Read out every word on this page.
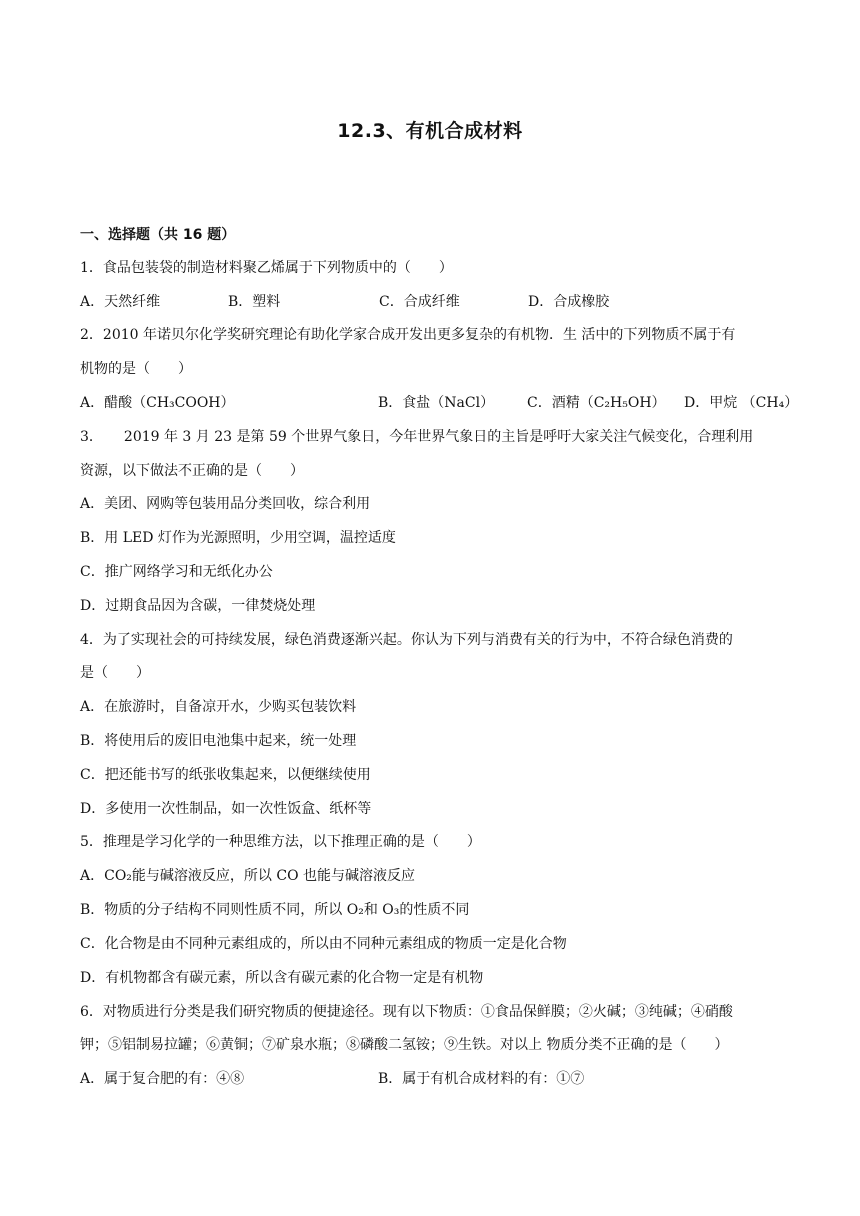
12.3、有机合成材料
一、选择题（共 16 题）
1．食品包装袋的制造材料聚乙烯属于下列物质中的（　　）
A．天然纤维	B．塑料	C．合成纤维	D．合成橡胶
2．2010 年诺贝尔化学奖研究理论有助化学家合成开发出更多复杂的有机物．生 活中的下列物质不属于有
机物的是（　　）
A．醋酸（CH₃COOH）	B．食盐（NaCl） C．酒精（C₂H₅OH） D．甲烷 （CH₄）
3．　　2019 年 3 月 23 是第 59 个世界气象日，今年世界气象日的主旨是呼吁大家关注气候变化，合理利用
资源，以下做法不正确的是（　　）
A．美团、网购等包装用品分类回收，综合利用
B．用 LED 灯作为光源照明，少用空调，温控适度
C．推广网络学习和无纸化办公
D．过期食品因为含碳，一律焚烧处理
4．为了实现社会的可持续发展，绿色消费逐渐兴起。你认为下列与消费有关的行为中，不符合绿色消费的
是（　　）
A．在旅游时，自备凉开水，少购买包装饮料
B．将使用后的废旧电池集中起来，统一处理
C．把还能书写的纸张收集起来，以便继续使用
D．多使用一次性制品，如一次性饭盒、纸杯等
5．推理是学习化学的一种思维方法，以下推理正确的是（　　）
A．CO₂能与碱溶液反应，所以 CO 也能与碱溶液反应
B．物质的分子结构不同则性质不同，所以 O₂和 O₃的性质不同
C．化合物是由不同种元素组成的，所以由不同种元素组成的物质一定是化合物
D．有机物都含有碳元素，所以含有碳元素的化合物一定是有机物
6．对物质进行分类是我们研究物质的便捷途径。现有以下物质：①食品保鲜膜；②火碱；③纯碱；④硝酸
钾；⑤铝制易拉罐；⑥黄铜；⑦矿泉水瓶；⑧磷酸二氢铵；⑨生铁。对以上 物质分类不正确的是（　　）
A．属于复合肥的有：④⑧	B．属于有机合成材料的有：①⑦
